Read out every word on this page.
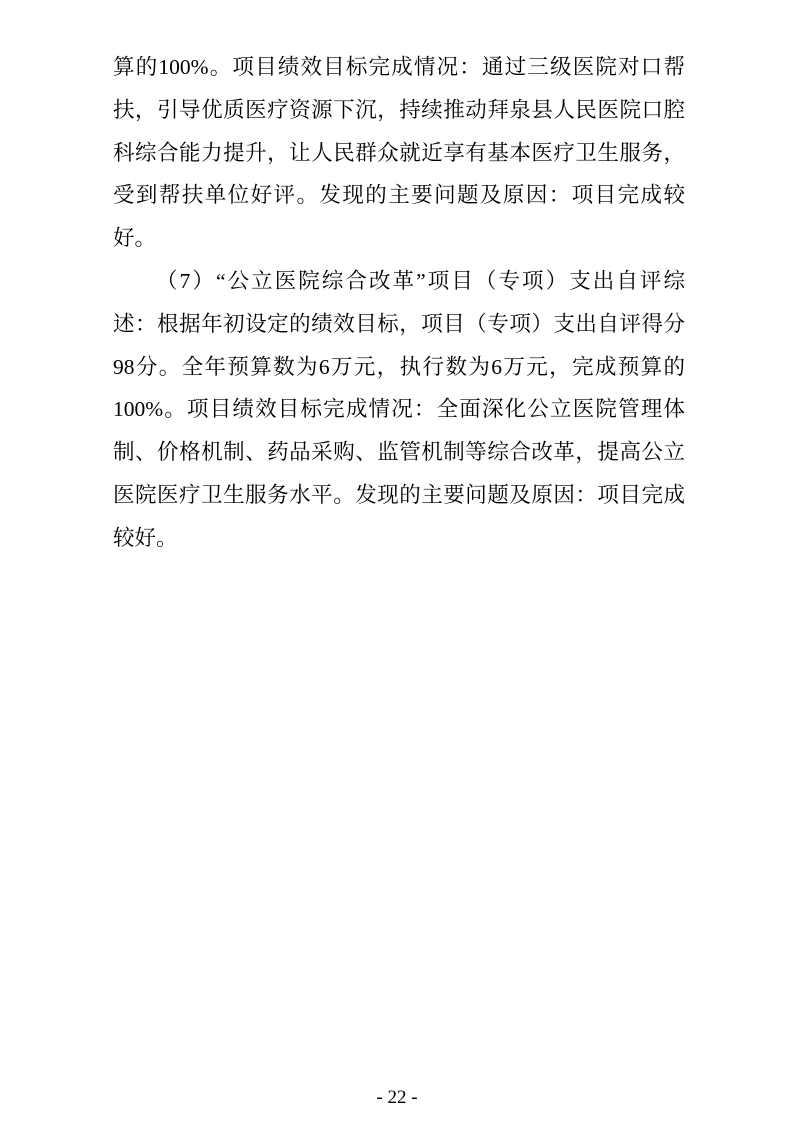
算的100%。项目绩效目标完成情况：通过三级医院对口帮
扶，引导优质医疗资源下沉，持续推动拜泉县人民医院口腔
科综合能力提升，让人民群众就近享有基本医疗卫生服务，
受到帮扶单位好评。发现的主要问题及原因：项目完成较
好。
（7）“公立医院综合改革”项目（专项）支出自评综
述：根据年初设定的绩效目标，项目（专项）支出自评得分
98分。全年预算数为6万元，执行数为6万元，完成预算的
100%。项目绩效目标完成情况：全面深化公立医院管理体
制、价格机制、药品采购、监管机制等综合改革，提高公立
医院医疗卫生服务水平。发现的主要问题及原因：项目完成
较好。
- 22 -
